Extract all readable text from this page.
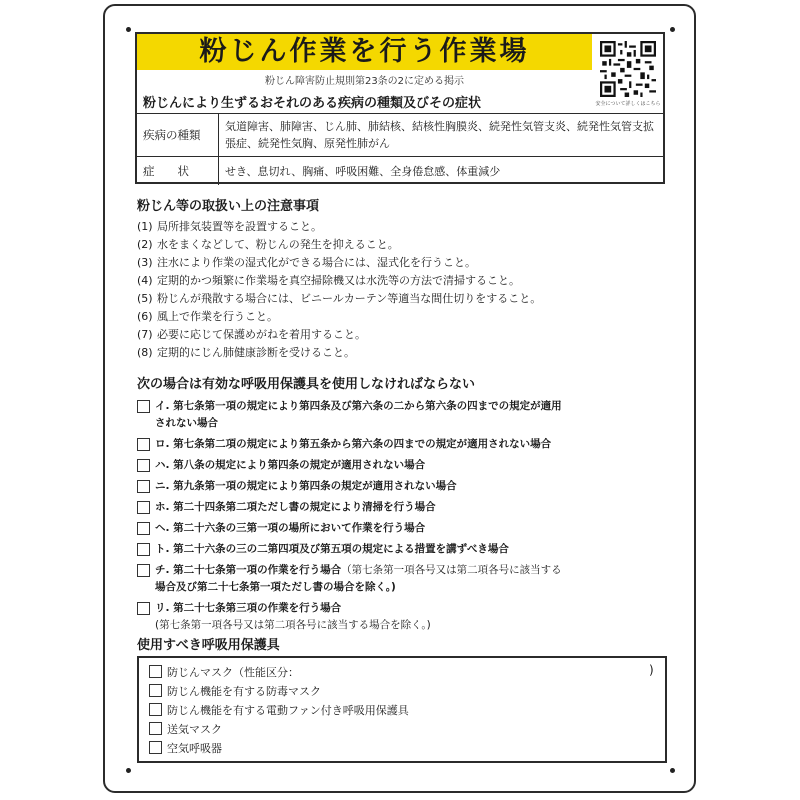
粉じん作業を行う作業場
粉じん障害防止規則第23条の2に定める掲示
安全について詳しくはこちら
粉じんにより生ずるおそれのある疾病の種類及びその症状
疾病の種類
気道障害、肺障害、じん肺、肺結核、結核性胸膜炎、続発性気管支炎、続発性気管支拡張症、続発性気胸、原発性肺がん
症　　状	せき、息切れ、胸痛、呼吸困難、全身倦怠感、体重減少
粉じん等の取扱い上の注意事項
(1) 局所排気装置等を設置すること。
(2) 水をまくなどして、粉じんの発生を抑えること。
(3) 注水により作業の湿式化ができる場合には、湿式化を行うこと。
(4) 定期的かつ頻繁に作業場を真空掃除機又は水洗等の方法で清掃すること。
(5) 粉じんが飛散する場合には、ビニールカーテン等適当な間仕切りをすること。
(6) 風上で作業を行うこと。
(7) 必要に応じて保護めがねを着用すること。
(8) 定期的にじん肺健康診断を受けること。
次の場合は有効な呼吸用保護具を使用しなければならない
イ. 第七条第一項の規定により第四条及び第六条の二から第六条の四までの規定が適用
されない場合
ロ. 第七条第二項の規定により第五条から第六条の四までの規定が適用されない場合
ハ. 第八条の規定により第四条の規定が適用されない場合
ニ. 第九条第一項の規定により第四条の規定が適用されない場合
ホ. 第二十四条第二項ただし書の規定により清掃を行う場合
ヘ. 第二十六条の三第一項の場所において作業を行う場合
ト. 第二十六条の三の二第四項及び第五項の規定による措置を講ずべき場合
チ. 第二十七条第一項の作業を行う場合（第七条第一項各号又は第二項各号に該当する
場合及び第二十七条第一項ただし書の場合を除く。)
リ. 第二十七条第三項の作業を行う場合
(第七条第一項各号又は第二項各号に該当する場合を除く。)
使用すべき呼吸用保護具
)
防じんマスク（性能区分：
防じん機能を有する防毒マスク
防じん機能を有する電動ファン付き呼吸用保護具
送気マスク
空気呼吸器
